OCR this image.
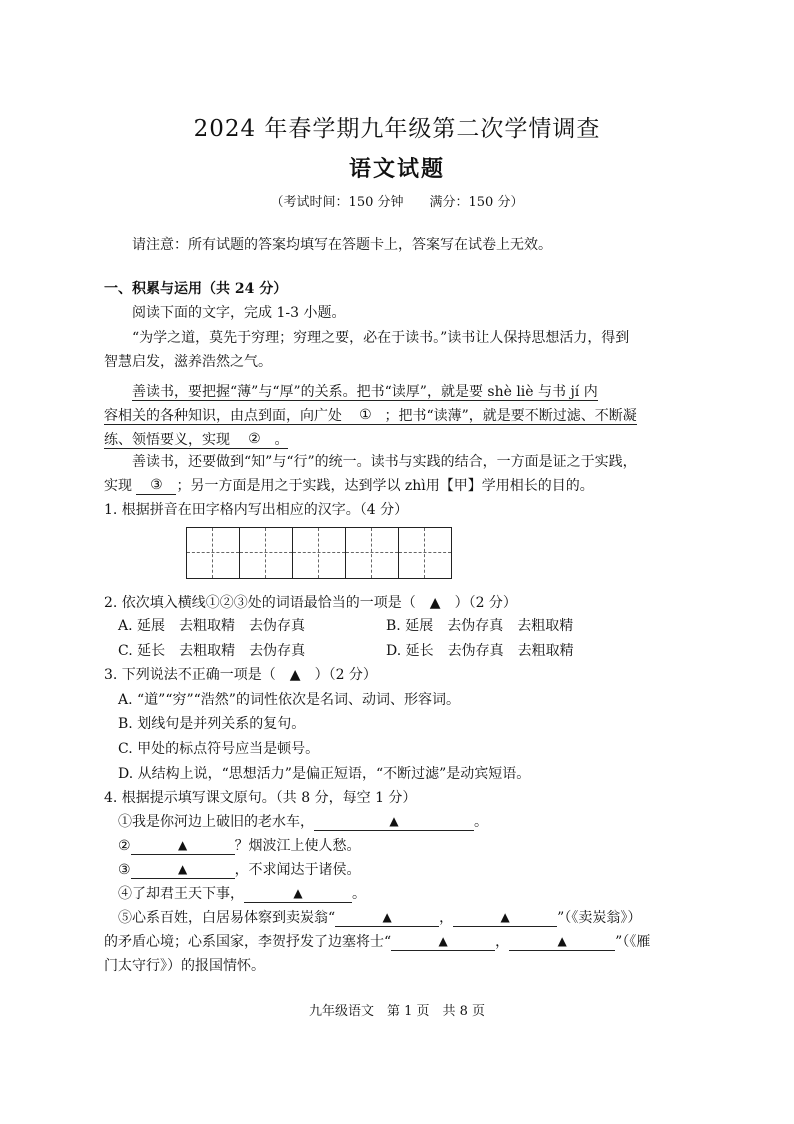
2024 年春学期九年级第二次学情调查
语文试题
（考试时间：150 分钟　　满分：150 分）
请注意：所有试题的答案均填写在答题卡上，答案写在试卷上无效。
一、积累与运用（共 24 分）
阅读下面的文字，完成 1-3 小题。
“为学之道，莫先于穷理；穷理之要，必在于读书。”读书让人保持思想活力，得到
智慧启发，滋养浩然之气。
善读书，要把握“薄”与“厚”的关系。把书“读厚”，就是要 shè liè 与书 jí 内
容相关的各种知识，由点到面，向广处 ① ；把书“读薄”，就是要不断过滤、不断凝
练、领悟要义，实现 ② 。
善读书，还要做到“知”与“行”的统一。读书与实践的结合，一方面是证之于实践，
实现 ③ ；另一方面是用之于实践，达到学以 zhì用【甲】学用相长的目的。
1. 根据拼音在田字格内写出相应的汉字。（4 分）
2. 依次填入横线①②③处的词语最恰当的一项是（　▲　）（2 分）
A. 延展　去粗取精　去伪存真	B. 延展　去伪存真　去粗取精
C. 延长　去粗取精　去伪存真	D. 延长　去伪存真　去粗取精
3. 下列说法不正确一项是（　▲　）（2 分）
A. “道”“穷”“浩然”的词性依次是名词、动词、形容词。
B. 划线句是并列关系的复句。
C. 甲处的标点符号应当是顿号。
D. 从结构上说，“思想活力”是偏正短语，“不断过滤”是动宾短语。
4. 根据提示填写课文原句。（共 8 分，每空 1 分）
①我是你河边上破旧的老水车，	▲	。
②	▲	？烟波江上使人愁。
③	▲	，不求闻达于诸侯。
④了却君王天下事，	▲	。
⑤心系百姓，白居易体察到卖炭翁“	▲	，	▲	”（《卖炭翁》）
的矛盾心境；心系国家，李贺抒发了边塞将士“	▲	，	▲	”（《雁
门太守行》）的报国情怀。
九年级语文　第 1 页　共 8 页
